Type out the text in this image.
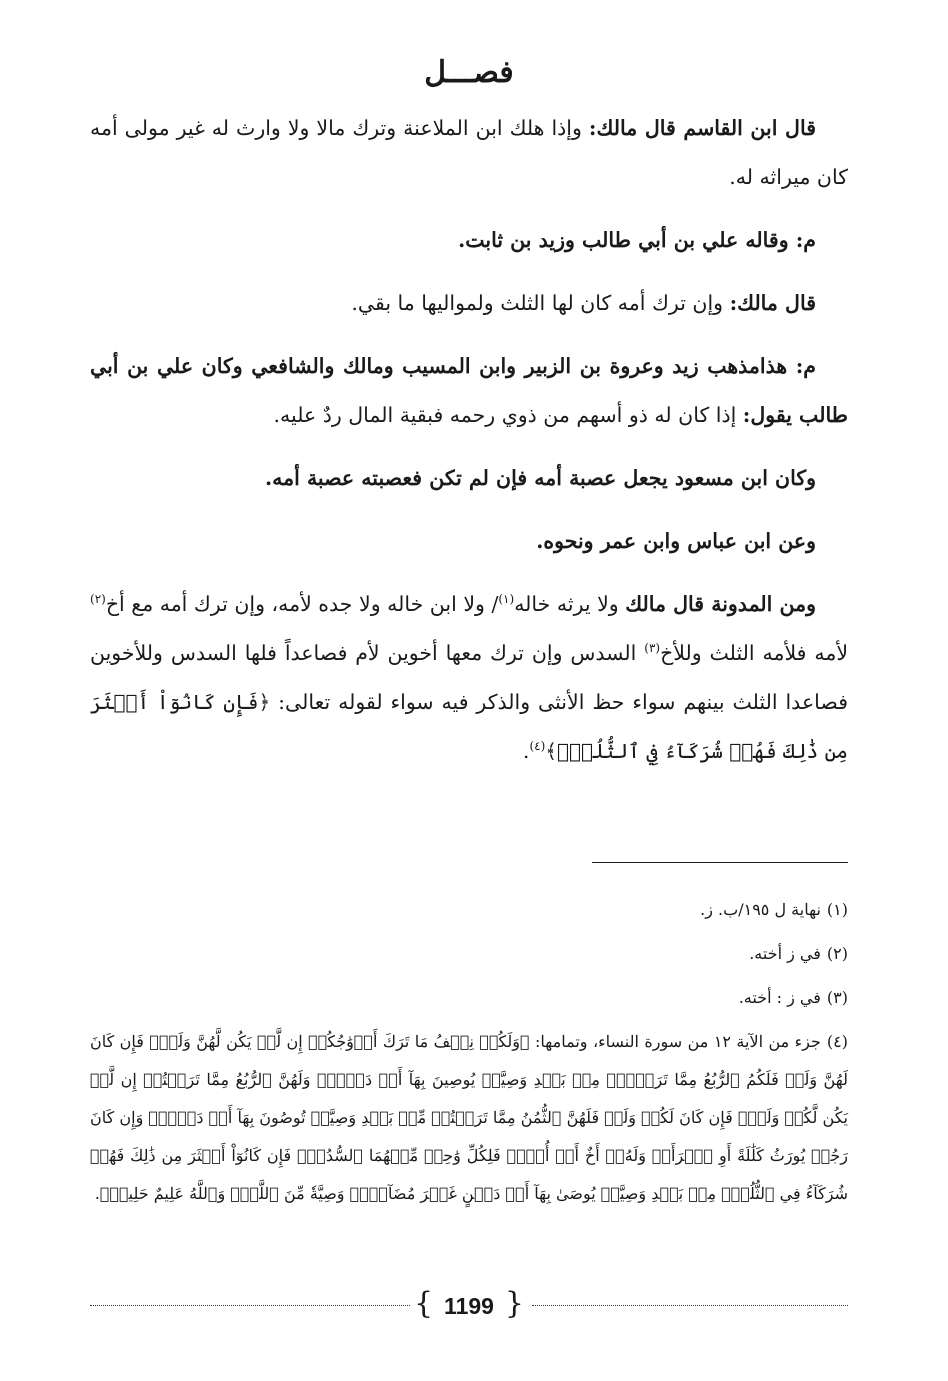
فصـــل

قال ابن القاسم قال مالك: وإذا هلك ابن الملاعنة وترك مالا ولا وارث له غير مولى أمه كان ميراثه له.

م: وقاله علي بن أبي طالب وزيد بن ثابت.

قال مالك: وإن ترك أمه كان لها الثلث ولمواليها ما بقي.

م: هذامذهب زيد وعروة بن الزبير وابن المسيب ومالك والشافعي وكان علي بن أبي طالب يقول: إذا كان له ذو أسهم من ذوي رحمه فبقية المال ردٌ عليه.

وكان ابن مسعود يجعل عصبة أمه فإن لم تكن فعصبته عصبة أمه.

وعن ابن عباس وابن عمر ونحوه.

ومن المدونة قال مالك ولا يرثه خاله$^{(١)}$/ ولا ابن خاله ولا جده لأمه، وإن ترك أمه مع أخ$^{(٢)}$ لأمه فلأمه الثلث وللأخ$^{(٣)}$ السدس وإن ترك معها أخوين لأم فصاعداً فلها السدس وللأخوين فصاعدا الثلث بينهم سواء حظ الأنثى والذكر فيه سواء لقوله تعالى: ﴿فَإِن كَانُوٓاْ أَكۡثَرَ مِن ذَٰلِكَ فَهُمۡ شُرَكَآءُ فِي ٱلثُّلُثِۚ﴾$^{(٤)}$.

(١)نهاية ل ١٩٥/ب. ز.

(٢)في ز أخته.

(٣)في ز : أخته.

(٤)جزء من الآية ١٢ من سورة النساء، وتمامها: ﴿وَلَكُمۡ نِصۡفُ مَا تَرَكَ أَزۡوَٰجُكُمۡ إِن لَّمۡ يَكُن لَّهُنَّ وَلَدٞۚ فَإِن كَانَ لَهُنَّ وَلَدٞ فَلَكُمُ ٱلرُّبُعُ مِمَّا تَرَكۡنَۚ مِنۢ بَعۡدِ وَصِيَّةٖ يُوصِينَ بِهَآ أَوۡ دَيۡنٖۚ وَلَهُنَّ ٱلرُّبُعُ مِمَّا تَرَكۡتُمۡ إِن لَّمۡ يَكُن لَّكُمۡ وَلَدٞۚ فَإِن كَانَ لَكُمۡ وَلَدٞ فَلَهُنَّ ٱلثُّمُنُ مِمَّا تَرَكۡتُمۚ مِّنۢ بَعۡدِ وَصِيَّةٖ تُوصُونَ بِهَآ أَوۡ دَيۡنٖۗ وَإِن كَانَ رَجُلٞ يُورَثُ كَلَٰلَةً أَوِ ٱمۡرَأَةٞ وَلَهُۥٓ أَخٌ أَوۡ أُخۡتٞ فَلِكُلِّ وَٰحِدٖ مِّنۡهُمَا ٱلسُّدُسُۚ فَإِن كَانُوٓاْ أَكۡثَرَ مِن ذَٰلِكَ فَهُمۡ شُرَكَآءُ فِي ٱلثُّلُثِۚ مِنۢ بَعۡدِ وَصِيَّةٖ يُوصَىٰ بِهَآ أَوۡ دَيۡنٍ غَيۡرَ مُضَآرّٖۚ وَصِيَّةٗ مِّنَ ٱللَّهِۗ وَٱللَّهُ عَلِيمٌ حَلِيمٞ﴾.

{ 1199 }
